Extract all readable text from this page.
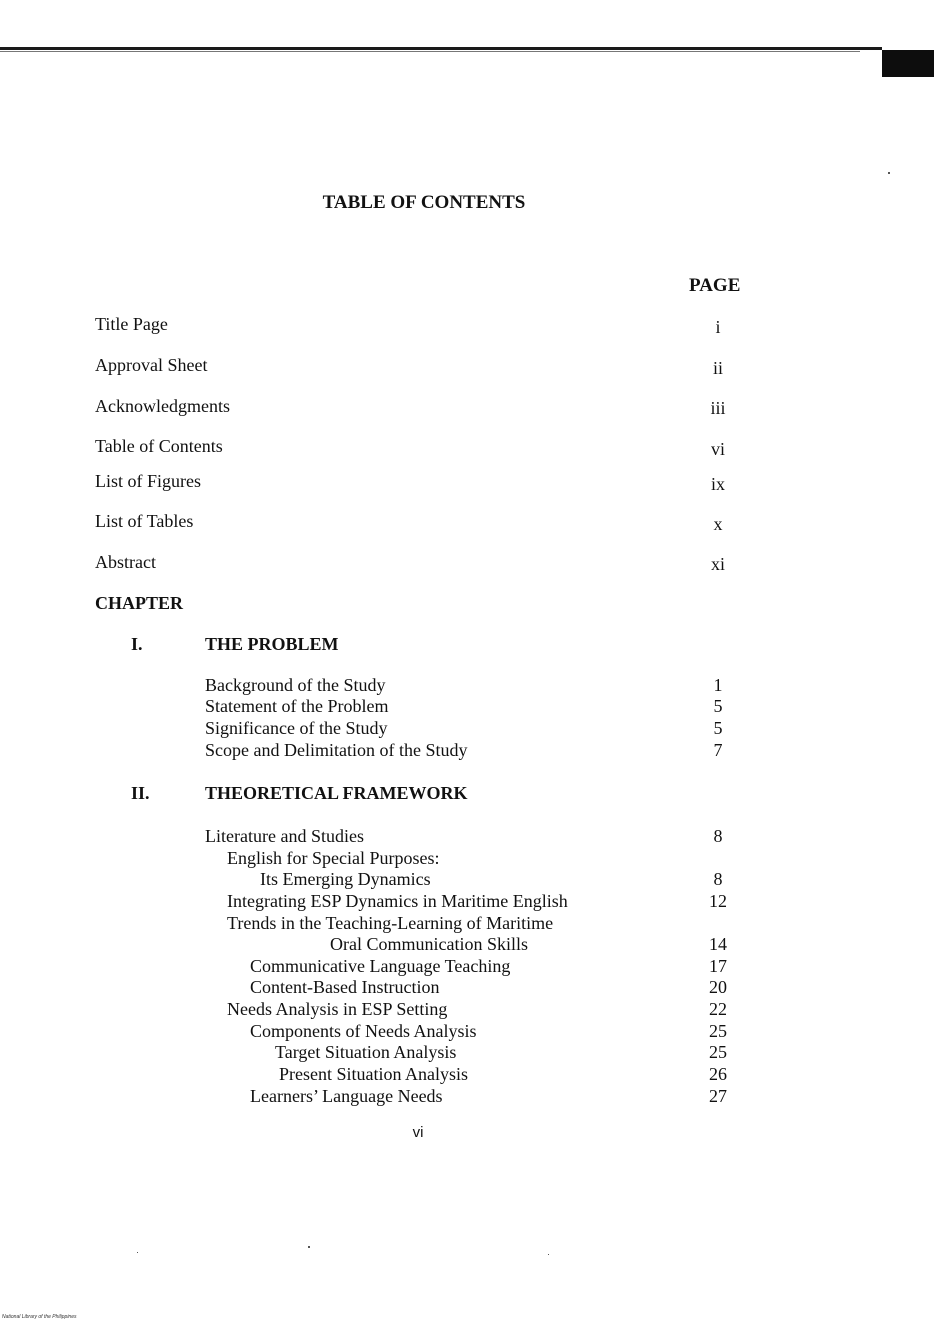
TABLE OF CONTENTS
PAGE
Title Page	i
Approval Sheet	ii
Acknowledgments	iii
Table of Contents	vi
List of Figures	ix
List of Tables	x
Abstract	xi
CHAPTER
I.	THE PROBLEM
Background of the Study	1
Statement of the Problem	5
Significance of the Study	5
Scope and Delimitation of the Study	7
II.	THEORETICAL FRAMEWORK
Literature and Studies	8
English for Special Purposes:
Its Emerging Dynamics	8
Integrating ESP Dynamics in Maritime English	12
Trends in the Teaching-Learning of Maritime
Oral Communication Skills	14
Communicative Language Teaching	17
Content-Based Instruction	20
Needs Analysis in ESP Setting	22
Components of Needs Analysis	25
Target Situation Analysis	25
Present Situation Analysis	26
Learners’ Language Needs	27
vi
National Library of the Philippines
